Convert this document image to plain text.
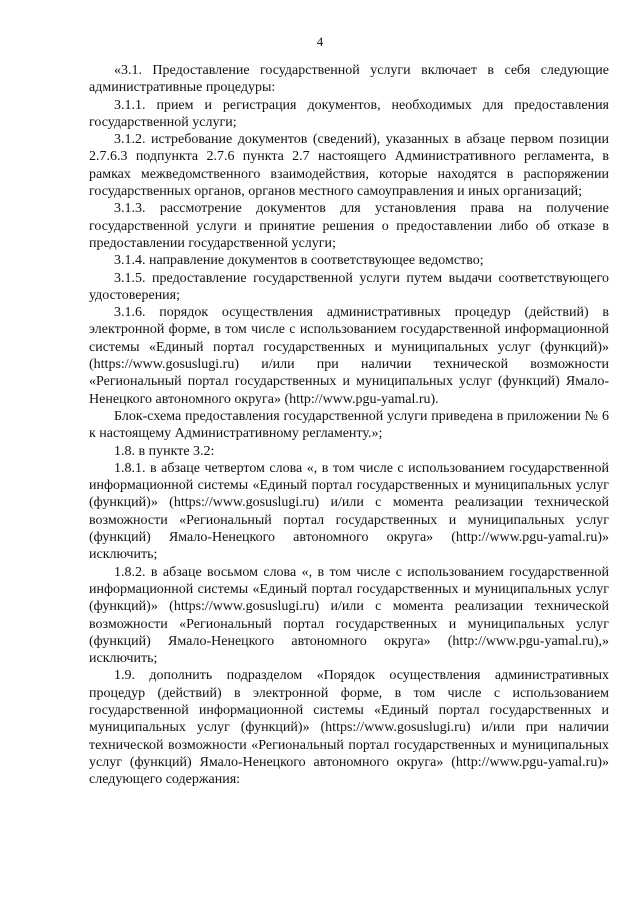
4

«3.1. Предоставление государственной услуги включает в себя следующие административные процедуры:

3.1.1. прием и регистрация документов, необходимых для предоставления государственной услуги;

3.1.2. истребование документов (сведений), указанных в абзаце первом позиции 2.7.6.3 подпункта 2.7.6 пункта 2.7 настоящего Административного регламента, в рамках межведомственного взаимодействия, которые находятся в распоряжении государственных органов, органов местного самоуправления и иных организаций;

3.1.3. рассмотрение документов для установления права на получение государственной услуги и принятие решения о предоставлении либо об отказе в предоставлении государственной услуги;

3.1.4. направление документов в соответствующее ведомство;

3.1.5. предоставление государственной услуги путем выдачи соответствующего удостоверения;

3.1.6. порядок осуществления административных процедур (действий) в электронной форме, в том числе с использованием государственной информационной системы «Единый портал государственных и муниципальных услуг (функций)» (https://www.gosuslugi.ru) и/или при наличии технической возможности «Региональный портал государственных и муниципальных услуг (функций) Ямало-Ненецкого автономного округа» (http://www.pgu-yamal.ru).

Блок-схема предоставления государственной услуги приведена в приложении № 6 к настоящему Административному регламенту.»;

1.8. в пункте 3.2:

1.8.1. в абзаце четвертом слова «, в том числе с использованием государственной информационной системы «Единый портал государственных и муниципальных услуг (функций)» (https://www.gosuslugi.ru) и/или с момента реализации технической возможности «Региональный портал государственных и муниципальных услуг (функций) Ямало-Ненецкого автономного округа» (http://www.pgu-yamal.ru)» исключить;

1.8.2. в абзаце восьмом слова «, в том числе с использованием государственной информационной системы «Единый портал государственных и муниципальных услуг (функций)» (https://www.gosuslugi.ru) и/или с момента реализации технической возможности «Региональный портал государственных и муниципальных услуг (функций) Ямало-Ненецкого автономного округа» (http://www.pgu-yamal.ru),» исключить;

1.9. дополнить подразделом «Порядок осуществления административных процедур (действий) в электронной форме, в том числе с использованием государственной информационной системы «Единый портал государственных и муниципальных услуг (функций)» (https://www.gosuslugi.ru) и/или при наличии технической возможности «Региональный портал государственных и муниципальных услуг (функций) Ямало-Ненецкого автономного округа» (http://www.pgu-yamal.ru)» следующего содержания:
